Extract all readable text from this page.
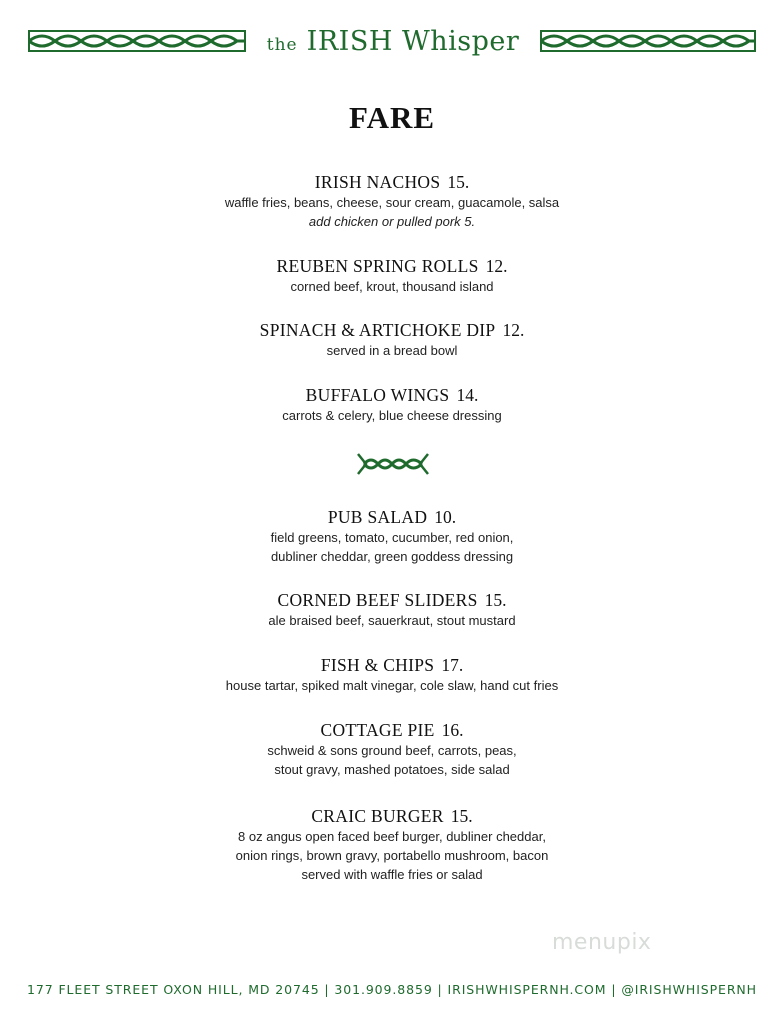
the IRISH Whisper
FARE
IRISH NACHOS 15.
waffle fries, beans, cheese, sour cream, guacamole, salsa
add chicken or pulled pork 5.
REUBEN SPRING ROLLS 12.
corned beef, krout, thousand island
SPINACH & ARTICHOKE DIP 12.
served in a bread bowl
BUFFALO WINGS 14.
carrots & celery, blue cheese dressing
PUB SALAD 10.
field greens, tomato, cucumber, red onion,
dubliner cheddar, green goddess dressing
CORNED BEEF SLIDERS 15.
ale braised beef, sauerkraut, stout mustard
FISH & CHIPS 17.
house tartar, spiked malt vinegar, cole slaw, hand cut fries
COTTAGE PIE 16.
schweid & sons ground beef, carrots, peas,
stout gravy, mashed potatoes, side salad
CRAIC BURGER 15.
8 oz angus open faced beef burger, dubliner cheddar,
onion rings, brown gravy, portabello mushroom, bacon
served with waffle fries or salad
menupix
177 FLEET STREET OXON HILL, MD 20745 | 301.909.8859 | IRISHWHISPERNH.COM | @IRISHWHISPERNH
